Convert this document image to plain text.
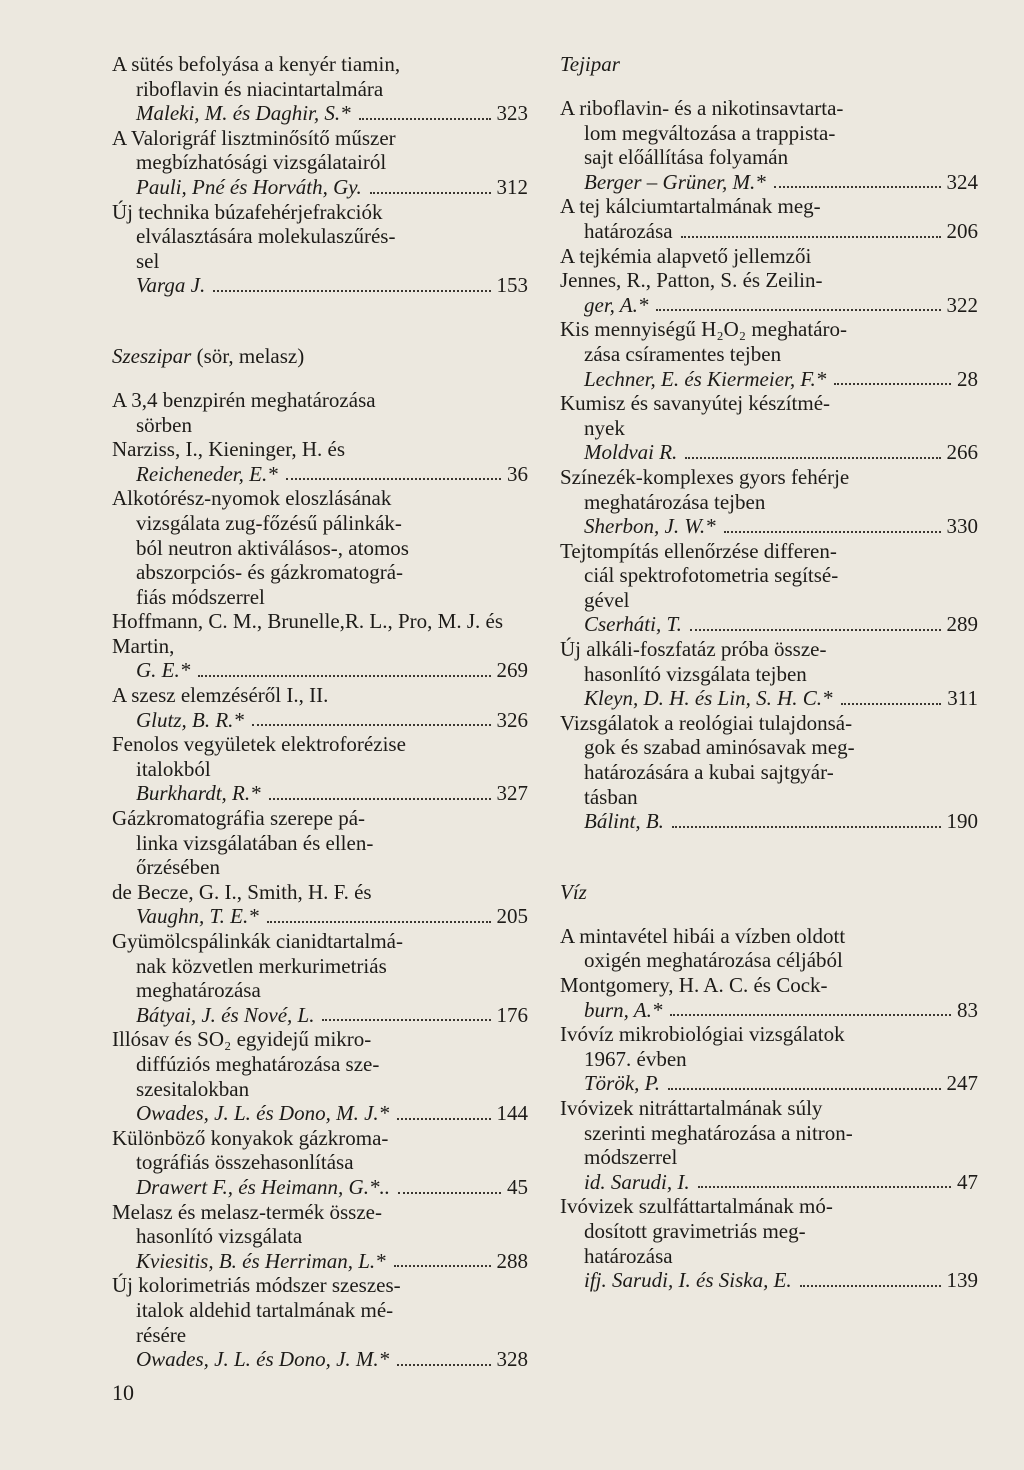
A sütés befolyása a kenyér tiamin,
riboflavin és niacintartalmára
Maleki, M. és Daghir, S.*	323
A Valorigráf lisztminősítő műszer
megbízhatósági vizsgálatairól
Pauli, Pné és Horváth, Gy.	312
Új technika búzafehérjefrakciók
elválasztására molekulaszűrés-
sel
Varga J.	153
Szeszipar (sör, melasz)
A 3,4 benzpirén meghatározása
sörben
Narziss, I., Kieninger, H. és
Reicheneder, E.*	36
Alkotórész-nyomok eloszlásának
vizsgálata zug-főzésű pálinkák-
ból neutron aktiválásos-, atomos
abszorpciós- és gázkromatográ-
fiás módszerrel
Hoffmann, C. M., Brunelle,R. L., Pro, M. J. és Martin,
G. E.*	269
A szesz elemzéséről I., II.
Glutz, B. R.*	326
Fenolos vegyületek elektroforézise
italokból
Burkhardt, R.*	327
Gázkromatográfia szerepe pá-
linka vizsgálatában és ellen-
őrzésében
de Becze, G. I., Smith, H. F. és
Vaughn, T. E.*	205
Gyümölcspálinkák cianidtartalmá-
nak közvetlen merkurimetriás
meghatározása
Bátyai, J. és Nové, L.	176
Illósav és SO₂ egyidejű mikro-
diffúziós meghatározása sze-
szesitalokban
Owades, J. L. és Dono, M. J.*	144
Különböző konyakok gázkroma-
tográfiás összehasonlítása
Drawert F., és Heimann, G.*..	45
Melasz és melasz-termék össze-
hasonlító vizsgálata
Kviesitis, B. és Herriman, L.*	288
Új kolorimetriás módszer szeszes-
italok aldehid tartalmának mé-
résére
Owades, J. L. és Dono, J. M.*	328
Tejipar
A riboflavin- és a nikotinsavtarta-
lom megváltozása a trappista-
sajt előállítása folyamán
Berger – Grüner, M.*	324
A tej kálciumtartalmának meg-
határozása	206
A tejkémia alapvető jellemzői
Jennes, R., Patton, S. és Zeilin-
ger, A.*	322
Kis mennyiségű H₂O₂ meghatáro-
zása csíramentes tejben
Lechner, E. és Kiermeier, F.*	28
Kumisz és savanyútej készítmé-
nyek
Moldvai R.	266
Színezék-komplexes gyors fehérje
meghatározása tejben
Sherbon, J. W.*	330
Tejtompítás ellenőrzése differen-
ciál spektrofotometria segítsé-
gével
Cserháti, T.	289
Új alkáli-foszfatáz próba össze-
hasonlító vizsgálata tejben
Kleyn, D. H. és Lin, S. H. C.*	311
Vizsgálatok a reológiai tulajdonsá-
gok és szabad aminósavak meg-
határozására a kubai sajtgyár-
tásban
Bálint, B.	190
Víz
A mintavétel hibái a vízben oldott
oxigén meghatározása céljából
Montgomery, H. A. C. és Cock-
burn, A.*	83
Ivóvíz mikrobiológiai vizsgálatok
1967. évben
Török, P.	247
Ivóvizek nitráttartalmának súly
szerinti meghatározása a nitron-
módszerrel
id. Sarudi, I.	47
Ivóvizek szulfáttartalmának mó-
dosított gravimetriás meg-
határozása
ifj. Sarudi, I. és Siska, E.	139
10
